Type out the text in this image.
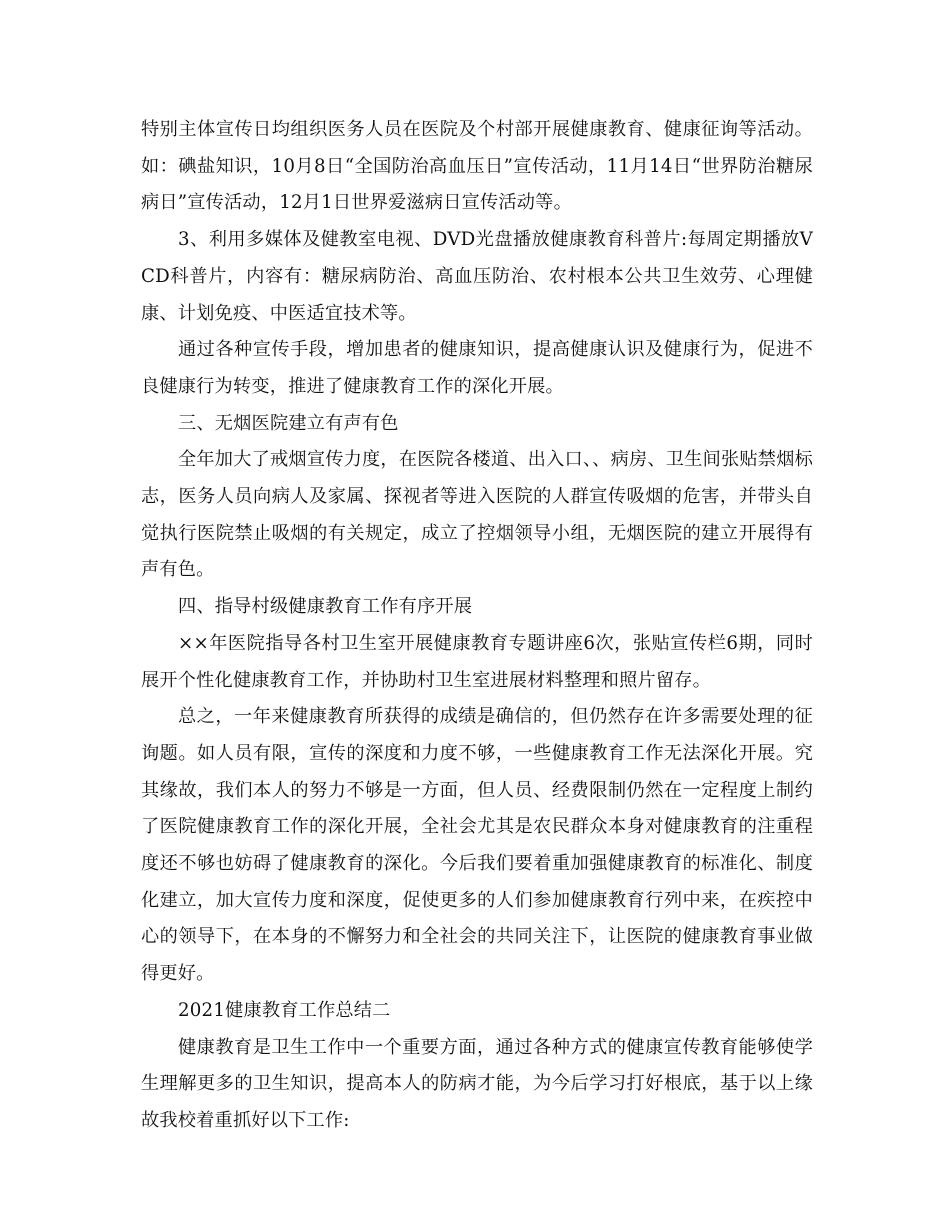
特别主体宣传日均组织医务人员在医院及个村部开展健康教育、健康征询等活动。如：碘盐知识，10月8日“全国防治高血压日”宣传活动，11月14日“世界防治糖尿病日”宣传活动，12月1日世界爱滋病日宣传活动等。

3、利用多媒体及健教室电视、DVD光盘播放健康教育科普片:每周定期播放VCD科普片，内容有：糖尿病防治、高血压防治、农村根本公共卫生效劳、心理健康、计划免疫、中医适宜技术等。

通过各种宣传手段，增加患者的健康知识，提高健康认识及健康行为，促进不良健康行为转变，推进了健康教育工作的深化开展。

三、无烟医院建立有声有色

全年加大了戒烟宣传力度，在医院各楼道、出入口、、病房、卫生间张贴禁烟标志，医务人员向病人及家属、探视者等进入医院的人群宣传吸烟的危害，并带头自觉执行医院禁止吸烟的有关规定，成立了控烟领导小组，无烟医院的建立开展得有声有色。

四、指导村级健康教育工作有序开展

××年医院指导各村卫生室开展健康教育专题讲座6次，张贴宣传栏6期，同时展开个性化健康教育工作，并协助村卫生室进展材料整理和照片留存。

总之，一年来健康教育所获得的成绩是确信的，但仍然存在许多需要处理的征询题。如人员有限，宣传的深度和力度不够，一些健康教育工作无法深化开展。究其缘故，我们本人的努力不够是一方面，但人员、经费限制仍然在一定程度上制约了医院健康教育工作的深化开展，全社会尤其是农民群众本身对健康教育的注重程度还不够也妨碍了健康教育的深化。今后我们要着重加强健康教育的标准化、制度化建立，加大宣传力度和深度，促使更多的人们参加健康教育行列中来，在疾控中心的领导下，在本身的不懈努力和全社会的共同关注下，让医院的健康教育事业做得更好。

2021健康教育工作总结二

健康教育是卫生工作中一个重要方面，通过各种方式的健康宣传教育能够使学生理解更多的卫生知识，提高本人的防病才能，为今后学习打好根底，基于以上缘故我校着重抓好以下工作:
